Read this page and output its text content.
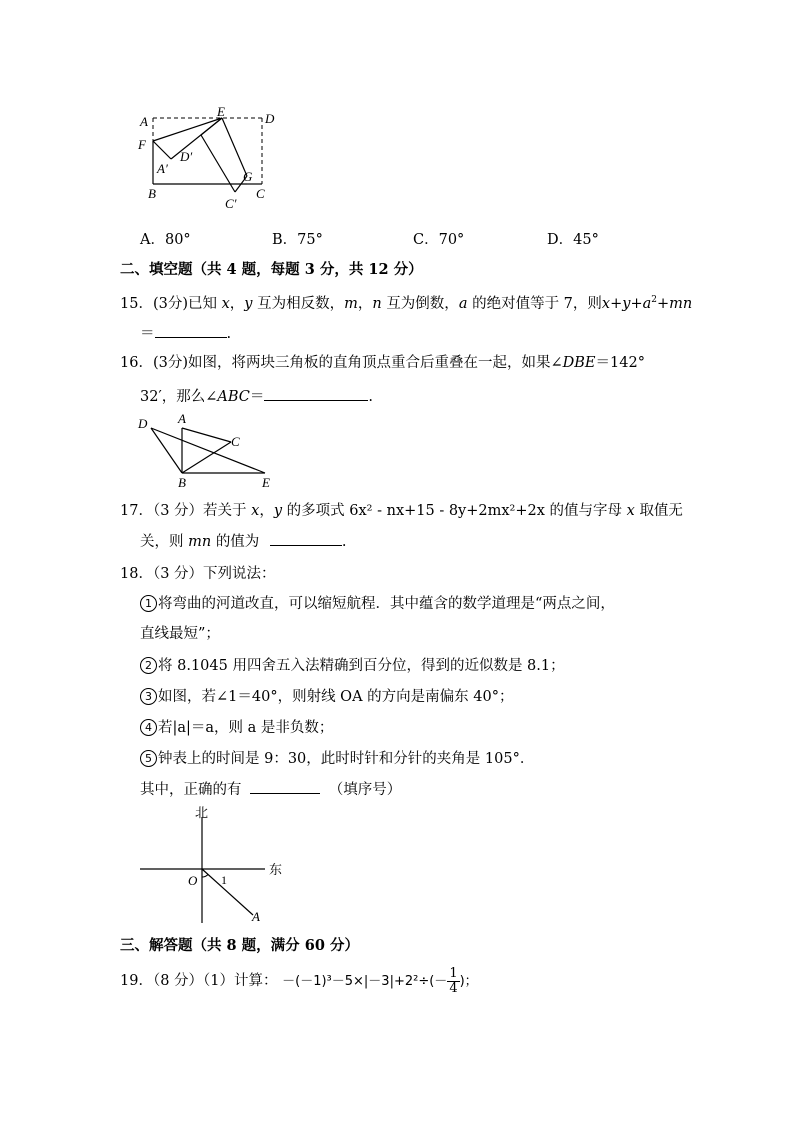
A
E	D
F
D′
A′
B
G
C
C′
A．80°	B．75°	C．70°	D．45°
二、填空题（共 4 题，每题 3 分，共 12 分）
15．(3分)已知 x，y 互为相反数，m，n 互为倒数，a 的绝对值等于 7，则$x+y+a^2+mn$
＝	.
16．(3分)如图，将两块三角板的直角顶点重合后重叠在一起，如果∠DBE＝142°
32′，那么∠ABC＝	.
D A
C
B	E
17．（3 分）若关于 x，y 的多项式 6x² - nx+15 - 8y+2mx²+2x 的值与字母 x 取值无
关，则 mn 的值为	.
18．（3 分）下列说法：
1 将弯曲的河道改直，可以缩短航程．其中蕴含的数学道理是“两点之间，
直线最短”；
2 将 8.1045 用四舍五入法精确到百分位，得到的近似数是 8.1；
3 如图，若∠1＝40°，则射线 OA 的方向是南偏东 40°；
4 若|a|＝a，则 a 是非负数；
5 钟表上的时间是 9：30，此时时针和分针的夹角是 105°．
其中，正确的有	（填序号）
北
东
O 1
A
三、解答题（共 8 题，满分 60 分）
19．（8 分）（1）计算： $-(-1)^3-5\times|-3|+2^2\div(- \frac{1}{4}$ )；
